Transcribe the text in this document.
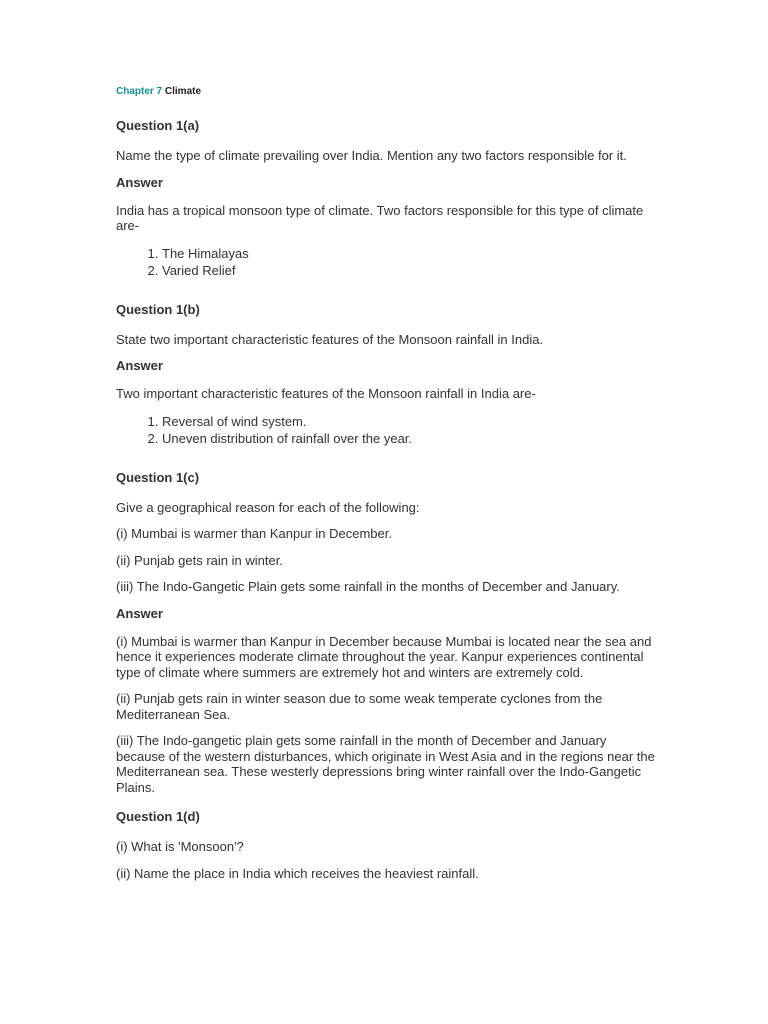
Chapter 7 Climate
Question 1(a)

Name the type of climate prevailing over India. Mention any two factors responsible for it.

Answer

India has a tropical monsoon type of climate. Two factors responsible for this type of climate are-

1. The Himalayas
2. Varied Relief
Question 1(b)

State two important characteristic features of the Monsoon rainfall in India.

Answer

Two important characteristic features of the Monsoon rainfall in India are-

1. Reversal of wind system.
2. Uneven distribution of rainfall over the year.
Question 1(c)

Give a geographical reason for each of the following:

(i) Mumbai is warmer than Kanpur in December.

(ii) Punjab gets rain in winter.

(iii) The Indo-Gangetic Plain gets some rainfall in the months of December and January.

Answer

(i) Mumbai is warmer than Kanpur in December because Mumbai is located near the sea and hence it experiences moderate climate throughout the year. Kanpur experiences continental type of climate where summers are extremely hot and winters are extremely cold.

(ii) Punjab gets rain in winter season due to some weak temperate cyclones from the Mediterranean Sea.

(iii) The Indo-gangetic plain gets some rainfall in the month of December and January because of the western disturbances, which originate in West Asia and in the regions near the Mediterranean sea. These westerly depressions bring winter rainfall over the Indo-Gangetic Plains.

Question 1(d)

(i) What is 'Monsoon'?

(ii) Name the place in India which receives the heaviest rainfall.
